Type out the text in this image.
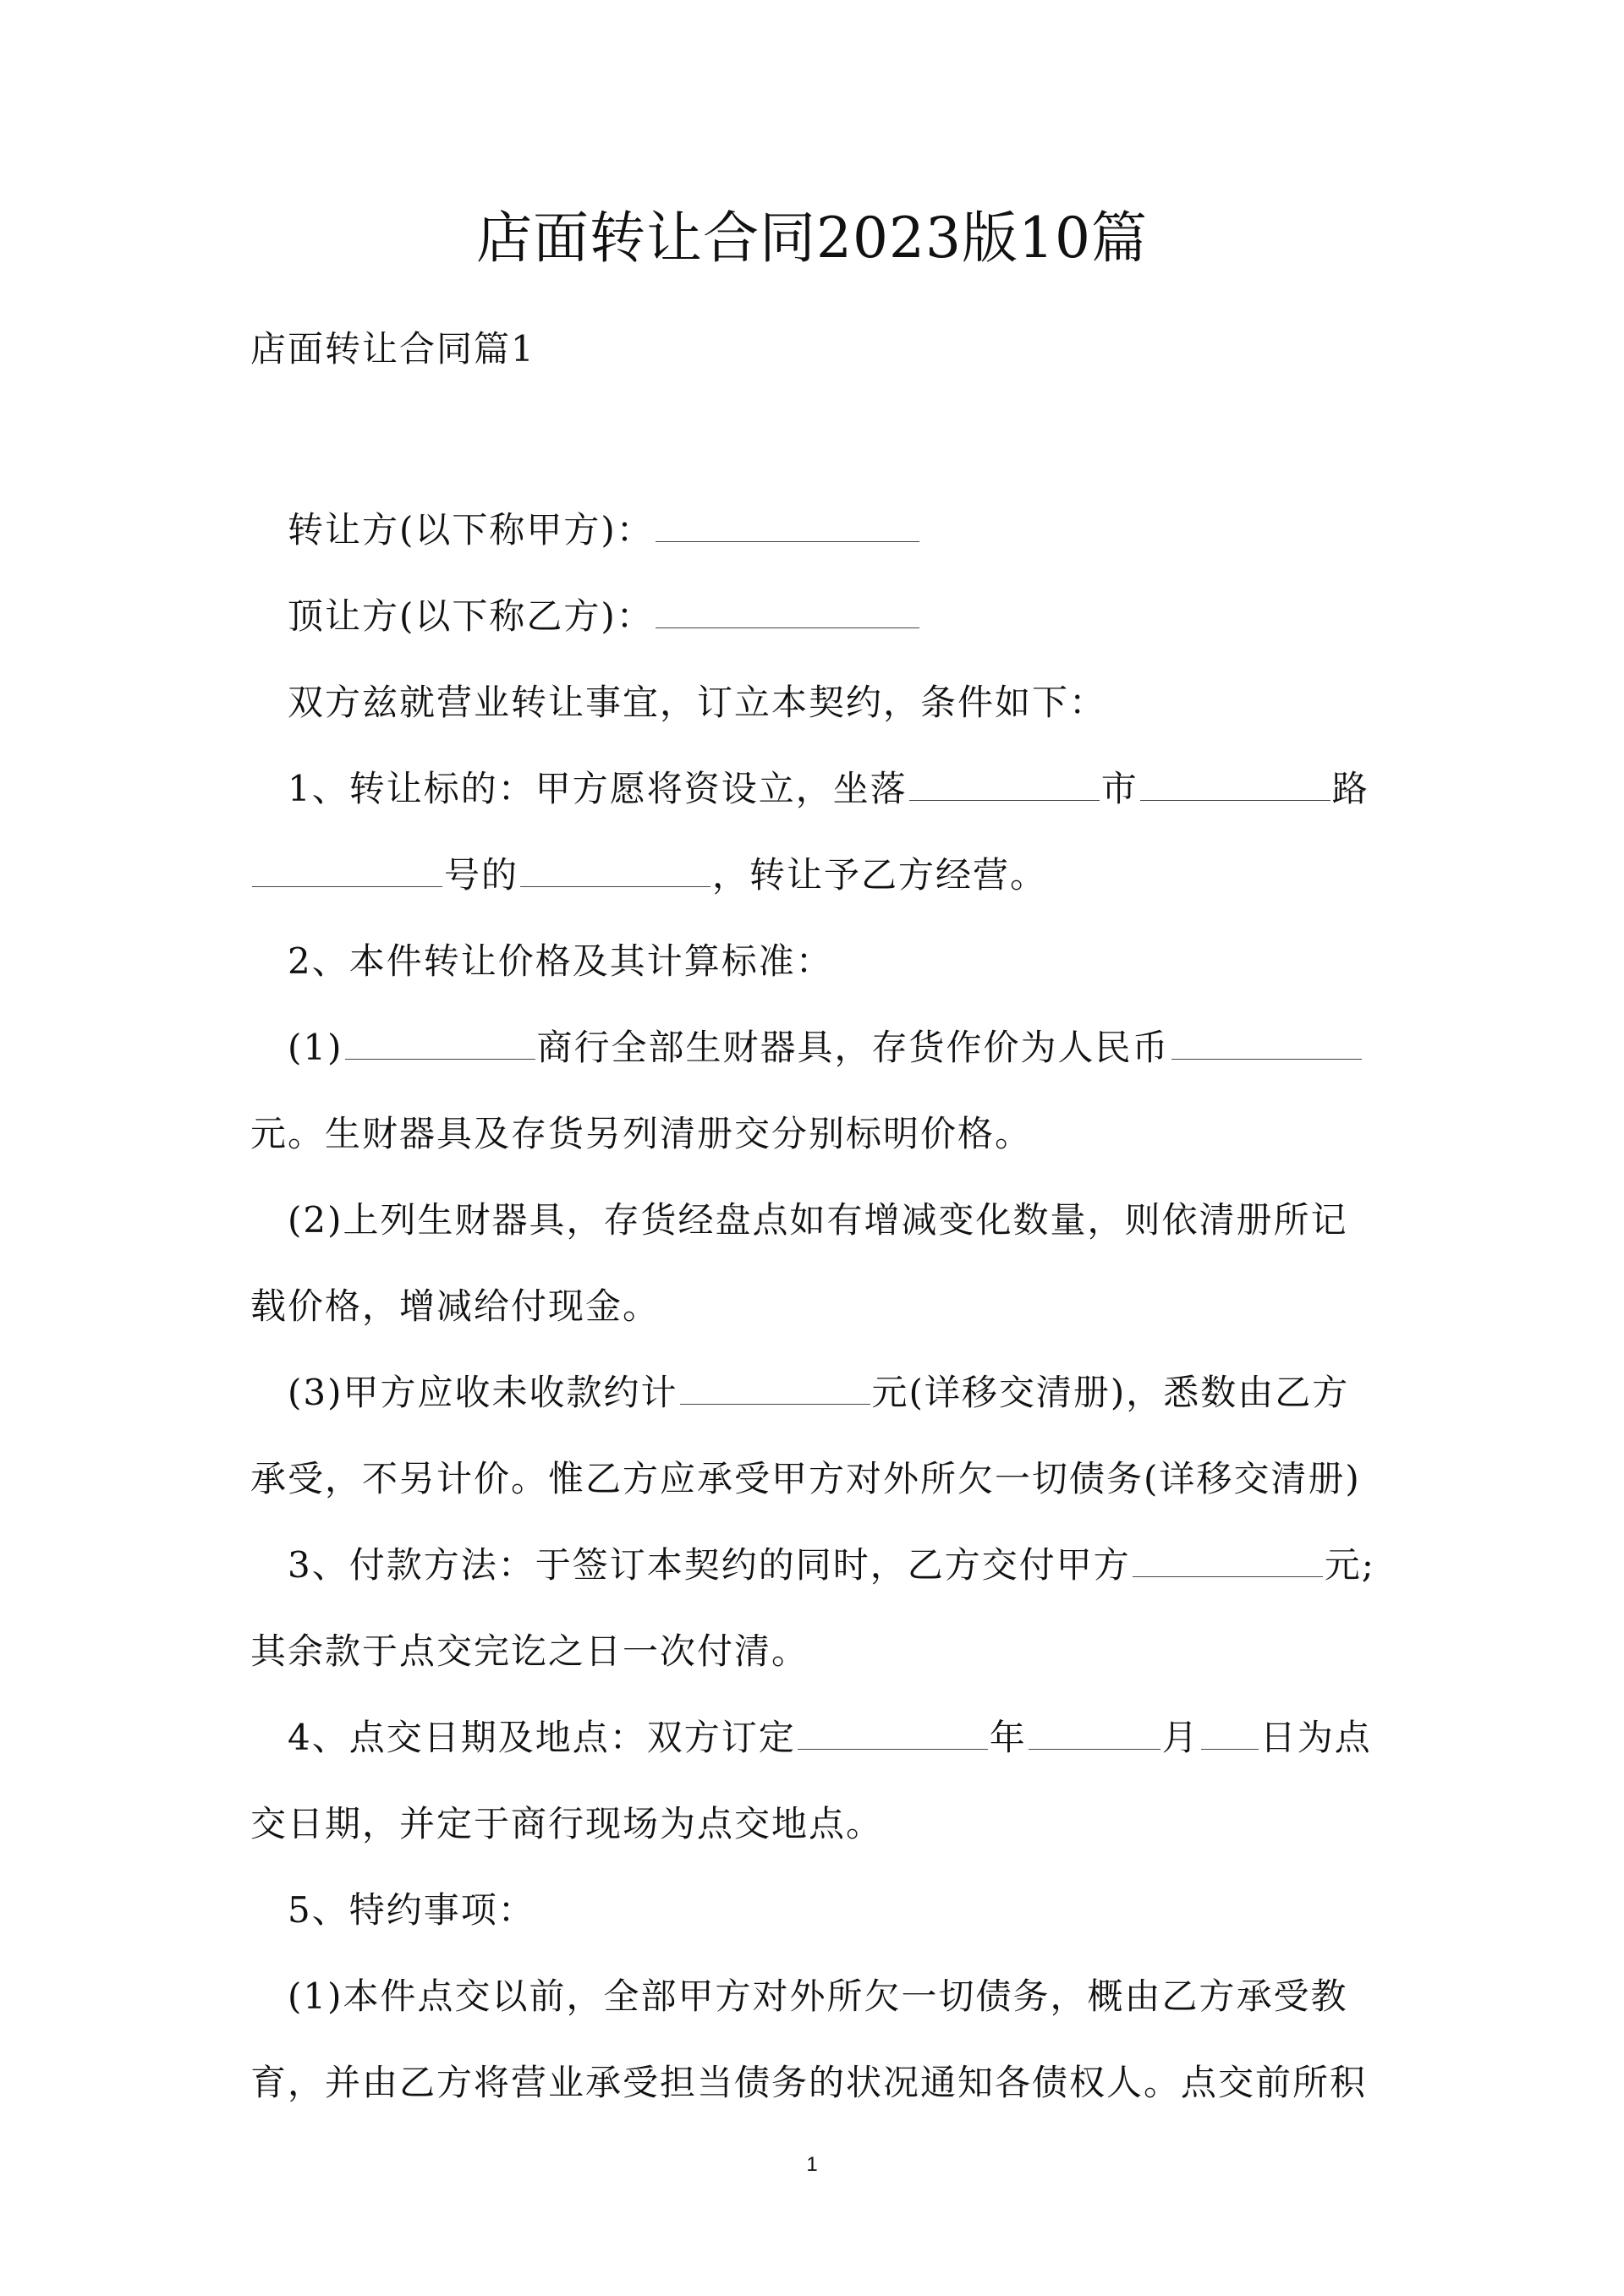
店面转让合同2023版10篇
店面转让合同篇1
转让方(以下称甲方)：
顶让方(以下称乙方)：
双方兹就营业转让事宜，订立本契约，条件如下：
1、转让标的：甲方愿将资设立，坐落	市	路
号的	，转让予乙方经营。
2、本件转让价格及其计算标准：
(1)	商行全部生财器具，存货作价为人民币
元。生财器具及存货另列清册交分别标明价格。
(2)上列生财器具，存货经盘点如有增减变化数量，则依清册所记
载价格，增减给付现金。
(3)甲方应收未收款约计	元(详移交清册)，悉数由乙方
承受，不另计价。惟乙方应承受甲方对外所欠一切债务(详移交清册)
3、付款方法：于签订本契约的同时，乙方交付甲方	元;
其余款于点交完讫之日一次付清。
4、点交日期及地点：双方订定	年	月 日为点
交日期，并定于商行现场为点交地点。
5、特约事项：
(1)本件点交以前，全部甲方对外所欠一切债务，概由乙方承受教
育，并由乙方将营业承受担当债务的状况通知各债权人。点交前所积
1
